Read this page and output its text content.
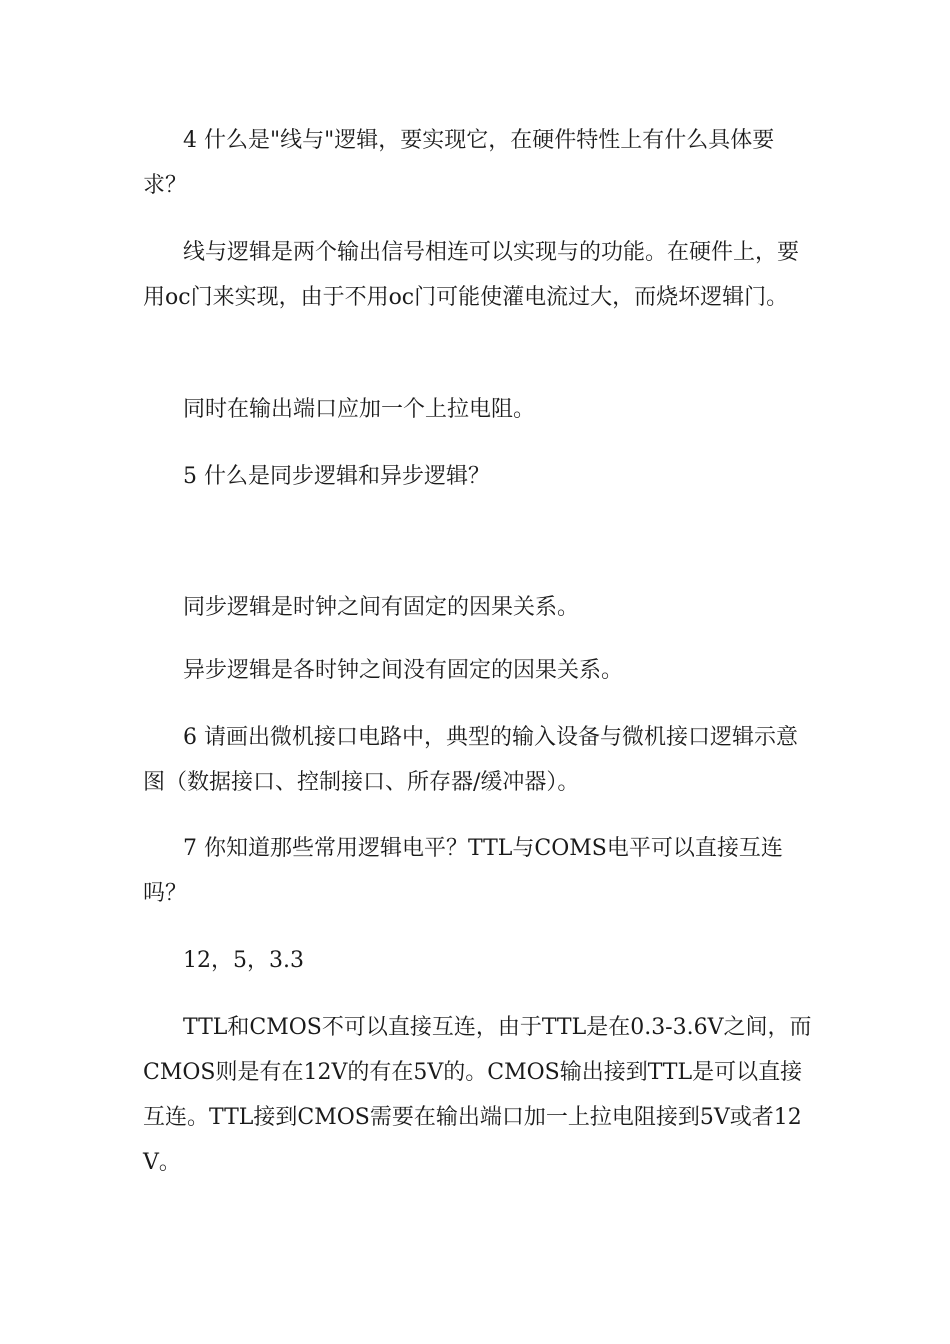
4 什么是"线与"逻辑，要实现它，在硬件特性上有什么具体要求？

线与逻辑是两个输出信号相连可以实现与的功能。在硬件上，要用oc门来实现，由于不用oc门可能使灌电流过大，而烧坏逻辑门。

同时在输出端口应加一个上拉电阻。

5 什么是同步逻辑和异步逻辑？

同步逻辑是时钟之间有固定的因果关系。

异步逻辑是各时钟之间没有固定的因果关系。

6 请画出微机接口电路中，典型的输入设备与微机接口逻辑示意图（数据接口、控制接口、所存器/缓冲器）。

7 你知道那些常用逻辑电平？TTL与COMS电平可以直接互连吗？

12，5，3.3

TTL和CMOS不可以直接互连，由于TTL是在0.3-3.6V之间，而CMOS则是有在12V的有在5V的。CMOS输出接到TTL是可以直接互连。TTL接到CMOS需要在输出端口加一上拉电阻接到5V或者12V。
